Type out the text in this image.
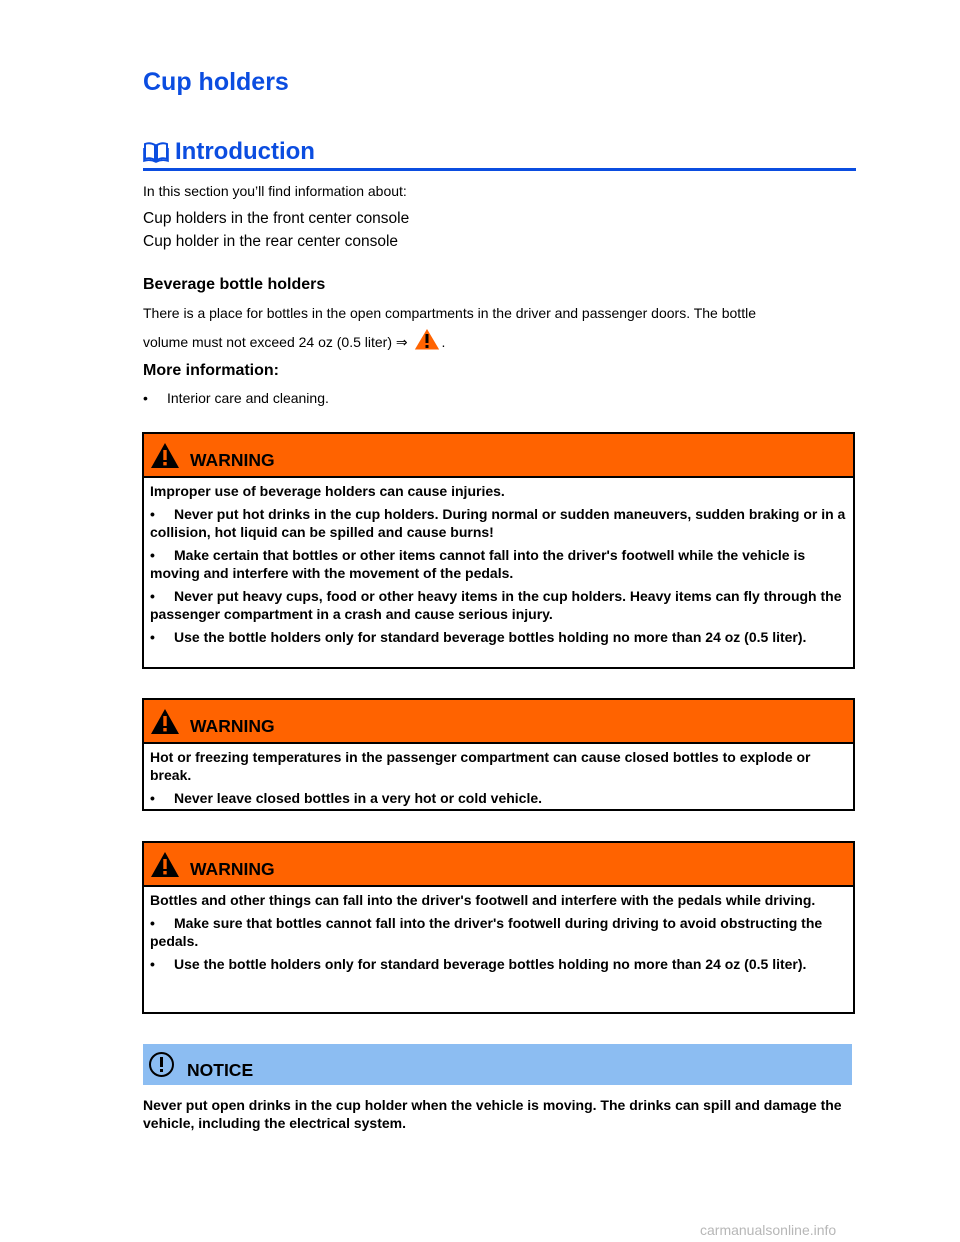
Cup holders
Introduction
In this section you’ll find information about:
Cup holders in the front center console
Cup holder in the rear center console
Beverage bottle holders
There is a place for bottles in the open compartments in the driver and passenger doors. The bottle
volume must not exceed 24 oz (0.5 liter) ⇒ .
More information:
• Interior care and cleaning.
WARNING

Improper use of beverage holders can cause injuries.

• Never put hot drinks in the cup holders. During normal or sudden maneuvers, sudden braking or in a collision, hot liquid can be spilled and cause burns!

• Make certain that bottles or other items cannot fall into the driver's footwell while the vehicle is moving and interfere with the movement of the pedals.

• Never put heavy cups, food or other heavy items in the cup holders. Heavy items can fly through the passenger compartment in a crash and cause serious injury.

• Use the bottle holders only for standard beverage bottles holding no more than 24 oz (0.5 liter).

WARNING

Hot or freezing temperatures in the passenger compartment can cause closed bottles to explode or break.

• Never leave closed bottles in a very hot or cold vehicle.

WARNING

Bottles and other things can fall into the driver's footwell and interfere with the pedals while driving.

• Make sure that bottles cannot fall into the driver's footwell during driving to avoid obstructing the pedals.

• Use the bottle holders only for standard beverage bottles holding no more than 24 oz (0.5 liter).

NOTICE
Never put open drinks in the cup holder when the vehicle is moving. The drinks can spill and damage the vehicle, including the electrical system.
carmanualsonline.info
